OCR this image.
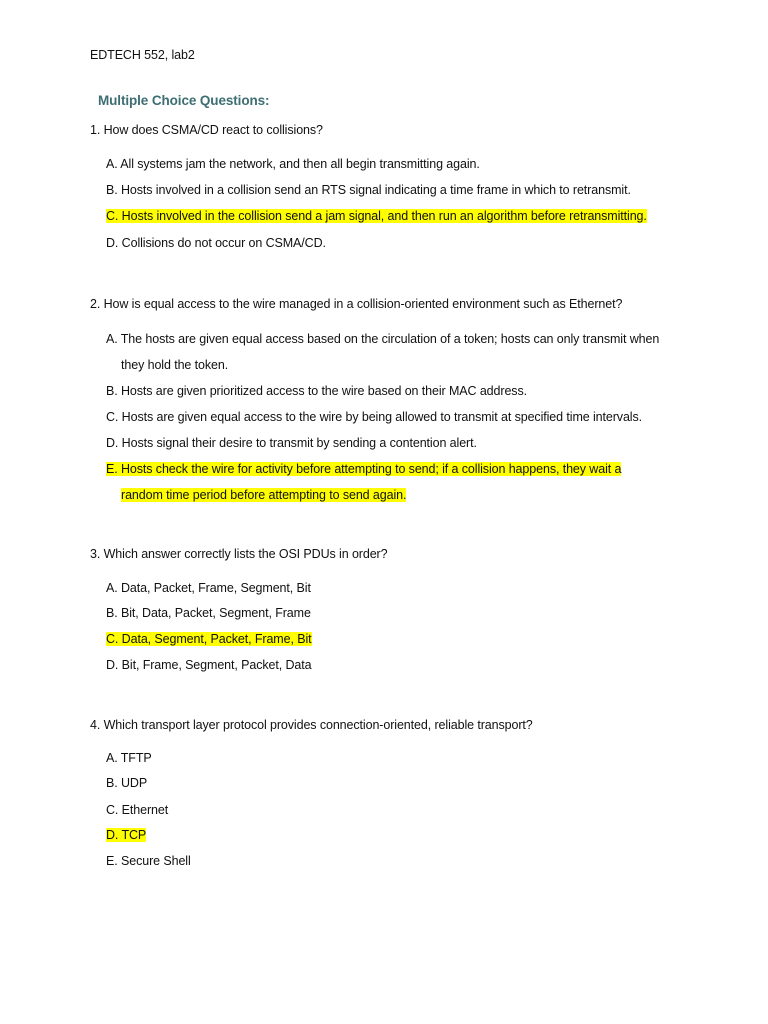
EDTECH 552, lab2
Multiple Choice Questions:
1. How does CSMA/CD react to collisions?
A. All systems jam the network, and then all begin transmitting again.
B. Hosts involved in a collision send an RTS signal indicating a time frame in which to retransmit.
C. Hosts involved in the collision send a jam signal, and then run an algorithm before retransmitting.
D. Collisions do not occur on CSMA/CD.
2. How is equal access to the wire managed in a collision-oriented environment such as Ethernet?
A. The hosts are given equal access based on the circulation of a token; hosts can only transmit when
they hold the token.
B. Hosts are given prioritized access to the wire based on their MAC address.
C. Hosts are given equal access to the wire by being allowed to transmit at specified time intervals.
D. Hosts signal their desire to transmit by sending a contention alert.
E. Hosts check the wire for activity before attempting to send; if a collision happens, they wait a
random time period before attempting to send again.
3. Which answer correctly lists the OSI PDUs in order?
A. Data, Packet, Frame, Segment, Bit
B. Bit, Data, Packet, Segment, Frame
C. Data, Segment, Packet, Frame, Bit
D. Bit, Frame, Segment, Packet, Data
4. Which transport layer protocol provides connection-oriented, reliable transport?
A. TFTP
B. UDP
C. Ethernet
D. TCP
E. Secure Shell
